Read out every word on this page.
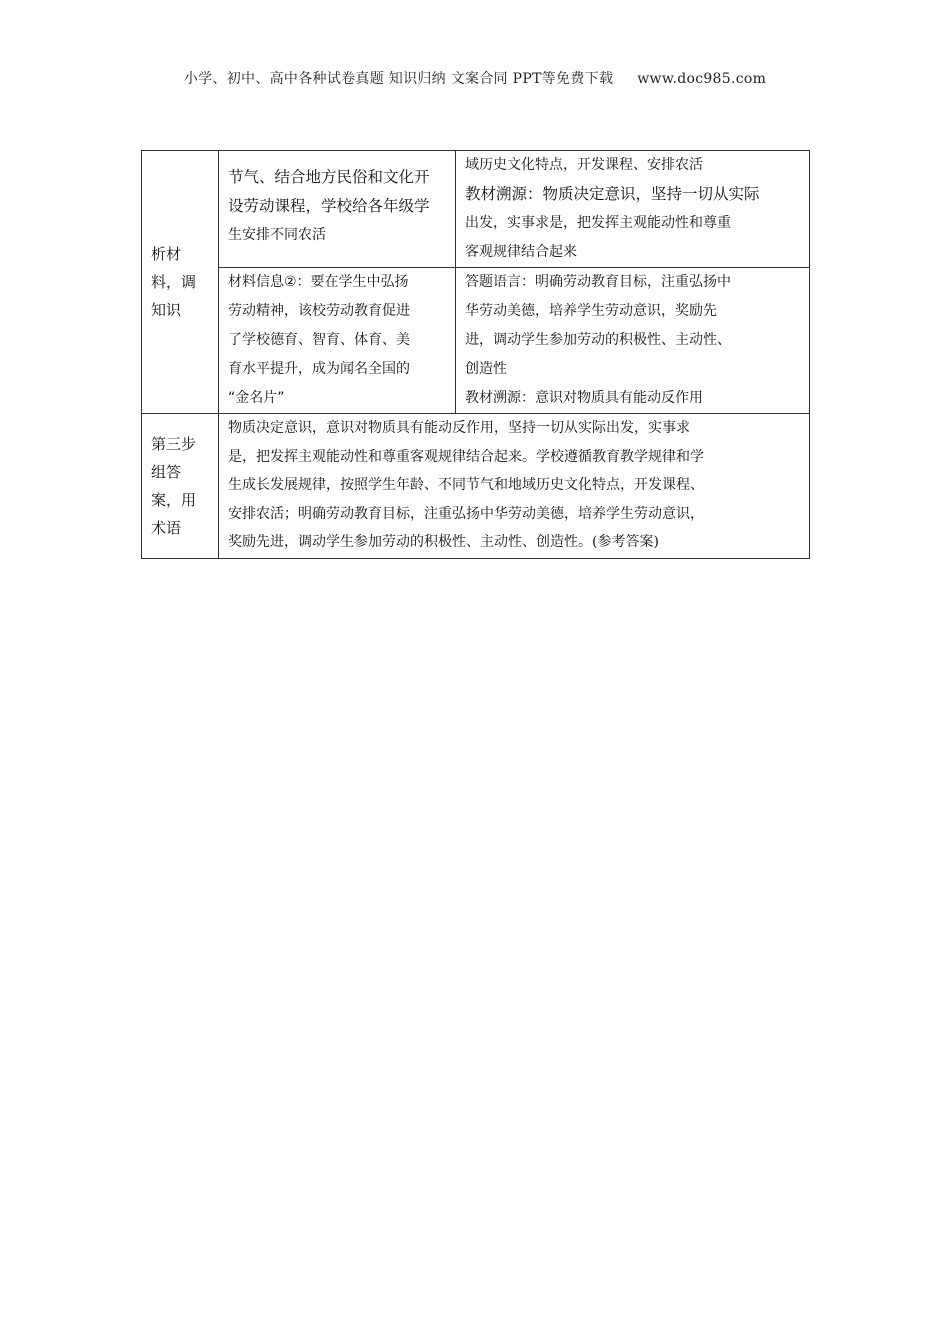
小学、初中、高中各种试卷真题 知识归纳 文案合同 PPT等免费下载 www.doc985.com
析材料，调知识	节气、结合地方民俗和文化开
设劳动课程，学校给各年级学
生安排不同农活	域历史文化特点，开发课程、安排农活
教材溯源：物质决定意识，坚持一切从实际
出发，实事求是，把发挥主观能动性和尊重
客观规律结合起来

	材料信息②：要在学生中弘扬
劳动精神，该校劳动教育促进
了学校德育、智育、体育、美
育水平提升，成为闻名全国的
“金名片”	答题语言：明确劳动教育目标，注重弘扬中
华劳动美德，培养学生劳动意识，奖励先
进，调动学生参加劳动的积极性、主动性、
创造性
教材溯源：意识对物质具有能动反作用

第三步组答案，用术语	物质决定意识，意识对物质具有能动反作用，坚持一切从实际出发，实事求
是，把发挥主观能动性和尊重客观规律结合起来。学校遵循教育教学规律和学
生成长发展规律，按照学生年龄、不同节气和地域历史文化特点，开发课程、
安排农活；明确劳动教育目标，注重弘扬中华劳动美德，培养学生劳动意识，
奖励先进，调动学生参加劳动的积极性、主动性、创造性。(参考答案)	
